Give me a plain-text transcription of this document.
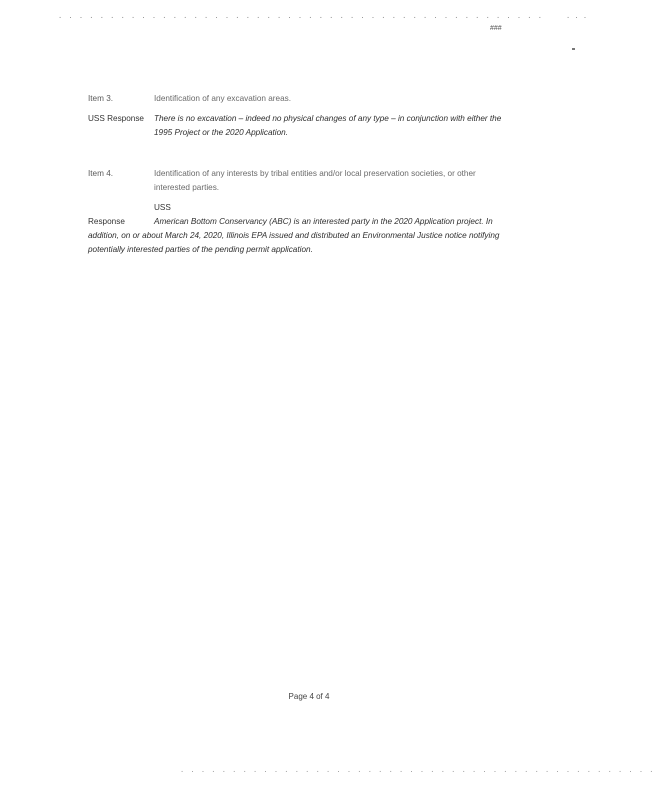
. . . . . . . . . . . . . . . . . . . . . . . . . . . . . . . . . . . . . . . . . . . . . . .	. . .
###
Item 3.	Identification of any excavation areas.
USS Response	There is no excavation – indeed no physical changes of any type – in conjunction with either the 1995 Project or the 2020 Application.
Item 4.	Identification of any interests by tribal entities and/or local preservation societies, or other interested parties.
USS Response	American Bottom Conservancy (ABC) is an interested party in the 2020 Application project. In addition, on or about March 24, 2020, Illinois EPA issued and distributed an Environmental Justice notice notifying potentially interested parties of the pending permit application.
Page 4 of 4
. . . . . . . . . . . . . . . . . . . . . . . . . . . . . . . . . . . . . . . . . . . . . .
